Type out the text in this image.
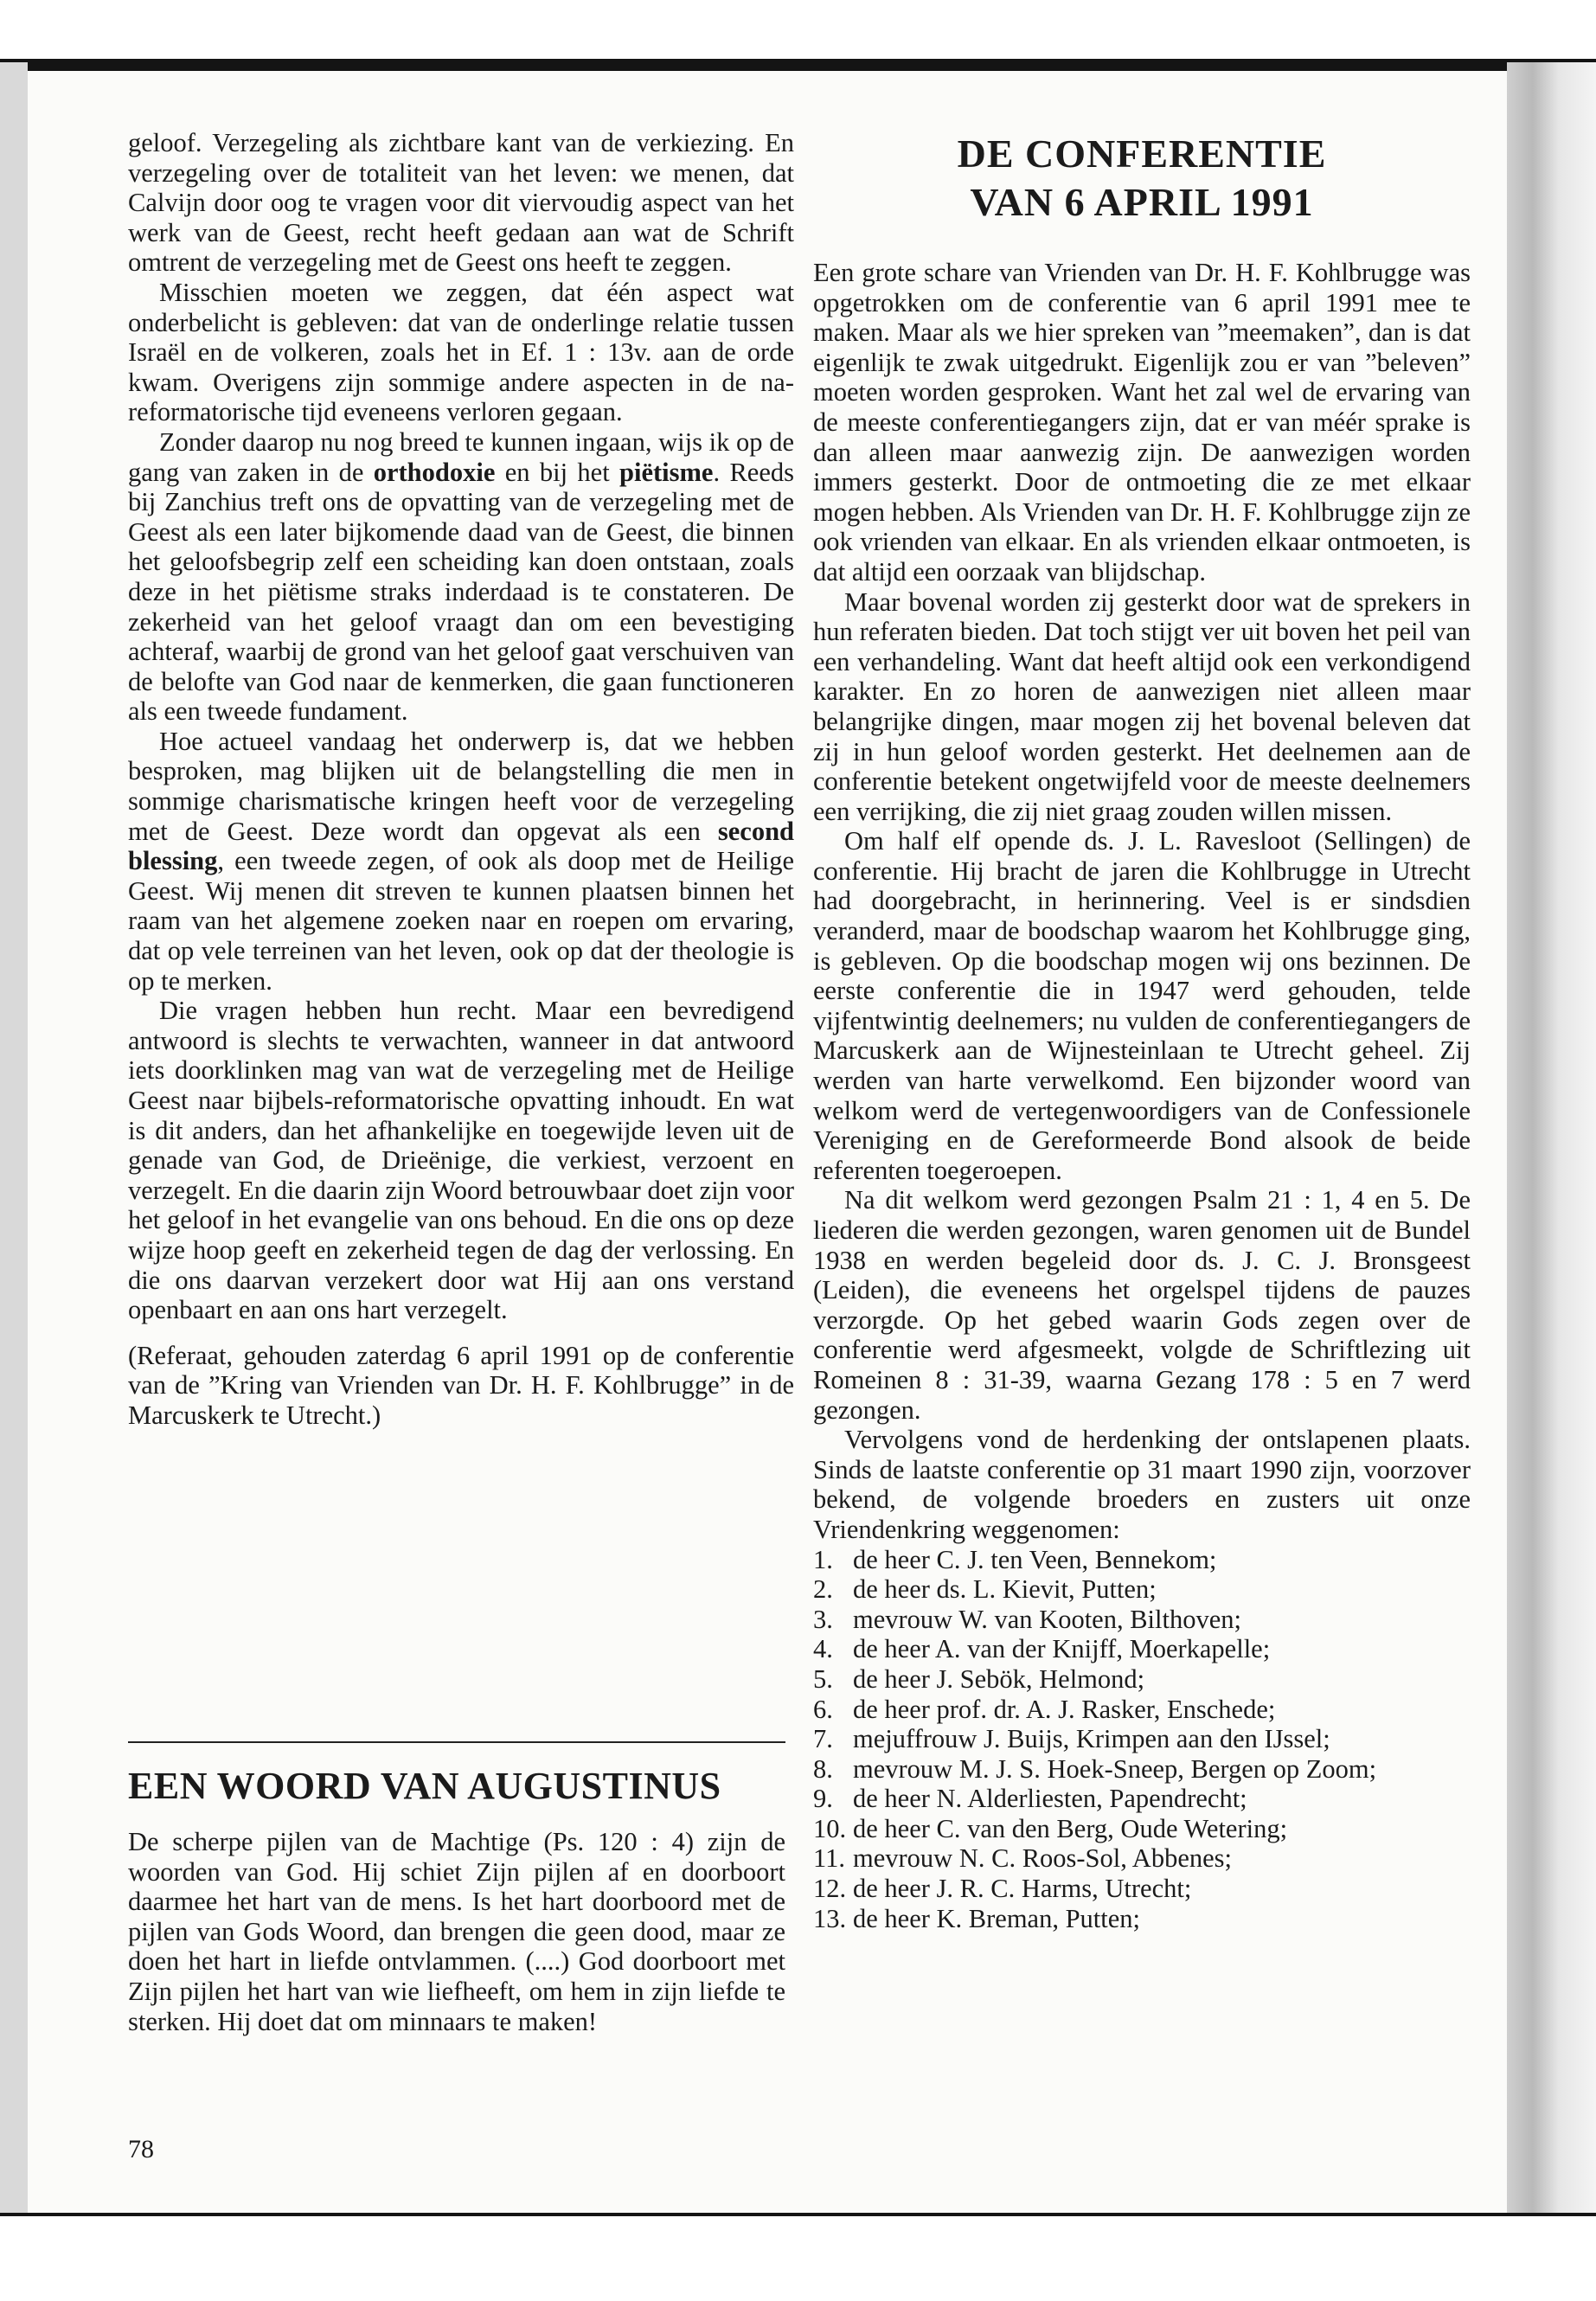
geloof. Verzegeling als zichtbare kant van de verkiezing. En verzegeling over de totaliteit van het leven: we menen, dat Calvijn door oog te vragen voor dit viervoudig aspect van het werk van de Geest, recht heeft gedaan aan wat de Schrift omtrent de verzegeling met de Geest ons heeft te zeggen.

Misschien moeten we zeggen, dat één aspect wat onderbelicht is gebleven: dat van de onderlinge relatie tussen Israël en de volkeren, zoals het in Ef. 1 : 13v. aan de orde kwam. Overigens zijn sommige andere aspecten in de na-reformatorische tijd eveneens verloren gegaan.

Zonder daarop nu nog breed te kunnen ingaan, wijs ik op de gang van zaken in de orthodoxie en bij het piëtisme. Reeds bij Zanchius treft ons de opvatting van de verzegeling met de Geest als een later bijkomende daad van de Geest, die binnen het geloofsbegrip zelf een scheiding kan doen ontstaan, zoals deze in het piëtisme straks inderdaad is te constateren. De zekerheid van het geloof vraagt dan om een bevestiging achteraf, waarbij de grond van het geloof gaat verschuiven van de belofte van God naar de kenmerken, die gaan functioneren als een tweede fundament.

Hoe actueel vandaag het onderwerp is, dat we hebben besproken, mag blijken uit de belangstelling die men in sommige charismatische kringen heeft voor de verzegeling met de Geest. Deze wordt dan opgevat als een second blessing, een tweede zegen, of ook als doop met de Heilige Geest. Wij menen dit streven te kunnen plaatsen binnen het raam van het algemene zoeken naar en roepen om ervaring, dat op vele terreinen van het leven, ook op dat der theologie is op te merken.

Die vragen hebben hun recht. Maar een bevredigend antwoord is slechts te verwachten, wanneer in dat antwoord iets doorklinken mag van wat de verzegeling met de Heilige Geest naar bijbels-reformatorische opvatting inhoudt. En wat is dit anders, dan het afhankelijke en toegewijde leven uit de genade van God, de Drieënige, die verkiest, verzoent en verzegelt. En die daarin zijn Woord betrouwbaar doet zijn voor het geloof in het evangelie van ons behoud. En die ons op deze wijze hoop geeft en zekerheid tegen de dag der verlossing. En die ons daarvan verzekert door wat Hij aan ons verstand openbaart en aan ons hart verzegelt.

(Referaat, gehouden zaterdag 6 april 1991 op de conferentie van de ”Kring van Vrienden van Dr. H. F. Kohlbrugge” in de Marcuskerk te Utrecht.)

EEN WOORD VAN AUGUSTINUS

De scherpe pijlen van de Machtige (Ps. 120 : 4) zijn de woorden van God. Hij schiet Zijn pijlen af en doorboort daarmee het hart van de mens. Is het hart doorboord met de pijlen van Gods Woord, dan brengen die geen dood, maar ze doen het hart in liefde ontvlammen. (....) God doorboort met Zijn pijlen het hart van wie liefheeft, om hem in zijn liefde te sterken. Hij doet dat om minnaars te maken!

78
DE CONFERENTIE
VAN 6 APRIL 1991

Een grote schare van Vrienden van Dr. H. F. Kohlbrugge was opgetrokken om de conferentie van 6 april 1991 mee te maken. Maar als we hier spreken van ”meemaken”, dan is dat eigenlijk te zwak uitgedrukt. Eigenlijk zou er van ”beleven” moeten worden gesproken. Want het zal wel de ervaring van de meeste conferentiegangers zijn, dat er van méér sprake is dan alleen maar aanwezig zijn. De aanwezigen worden immers gesterkt. Door de ontmoeting die ze met elkaar mogen hebben. Als Vrienden van Dr. H. F. Kohlbrugge zijn ze ook vrienden van elkaar. En als vrienden elkaar ontmoeten, is dat altijd een oorzaak van blijdschap.

Maar bovenal worden zij gesterkt door wat de sprekers in hun referaten bieden. Dat toch stijgt ver uit boven het peil van een verhandeling. Want dat heeft altijd ook een verkondigend karakter. En zo horen de aanwezigen niet alleen maar belangrijke dingen, maar mogen zij het bovenal beleven dat zij in hun geloof worden gesterkt. Het deelnemen aan de conferentie betekent ongetwijfeld voor de meeste deelnemers een verrijking, die zij niet graag zouden willen missen.

Om half elf opende ds. J. L. Ravesloot (Sellingen) de conferentie. Hij bracht de jaren die Kohlbrugge in Utrecht had doorgebracht, in herinnering. Veel is er sindsdien veranderd, maar de boodschap waarom het Kohlbrugge ging, is gebleven. Op die boodschap mogen wij ons bezinnen. De eerste conferentie die in 1947 werd gehouden, telde vijfentwintig deelnemers; nu vulden de conferentiegangers de Marcuskerk aan de Wijnesteinlaan te Utrecht geheel. Zij werden van harte verwelkomd. Een bijzonder woord van welkom werd de vertegenwoordigers van de Confessionele Vereniging en de Gereformeerde Bond alsook de beide referenten toegeroepen.

Na dit welkom werd gezongen Psalm 21 : 1, 4 en 5. De liederen die werden gezongen, waren genomen uit de Bundel 1938 en werden begeleid door ds. J. C. J. Bronsgeest (Leiden), die eveneens het orgelspel tijdens de pauzes verzorgde. Op het gebed waarin Gods zegen over de conferentie werd afgesmeekt, volgde de Schriftlezing uit Romeinen 8 : 31-39, waarna Gezang 178 : 5 en 7 werd gezongen.

Vervolgens vond de herdenking der ontslapenen plaats. Sinds de laatste conferentie op 31 maart 1990 zijn, voorzover bekend, de volgende broeders en zusters uit onze Vriendenkring weggenomen:

1. de heer C. J. ten Veen, Bennekom;
2. de heer ds. L. Kievit, Putten;
3. mevrouw W. van Kooten, Bilthoven;
4. de heer A. van der Knijff, Moerkapelle;
5. de heer J. Sebök, Helmond;
6. de heer prof. dr. A. J. Rasker, Enschede;
7. mejuffrouw J. Buijs, Krimpen aan den IJssel;
8. mevrouw M. J. S. Hoek-Sneep, Bergen op Zoom;
9. de heer N. Alderliesten, Papendrecht;
10. de heer C. van den Berg, Oude Wetering;
11. mevrouw N. C. Roos-Sol, Abbenes;
12. de heer J. R. C. Harms, Utrecht;
13. de heer K. Breman, Putten;
